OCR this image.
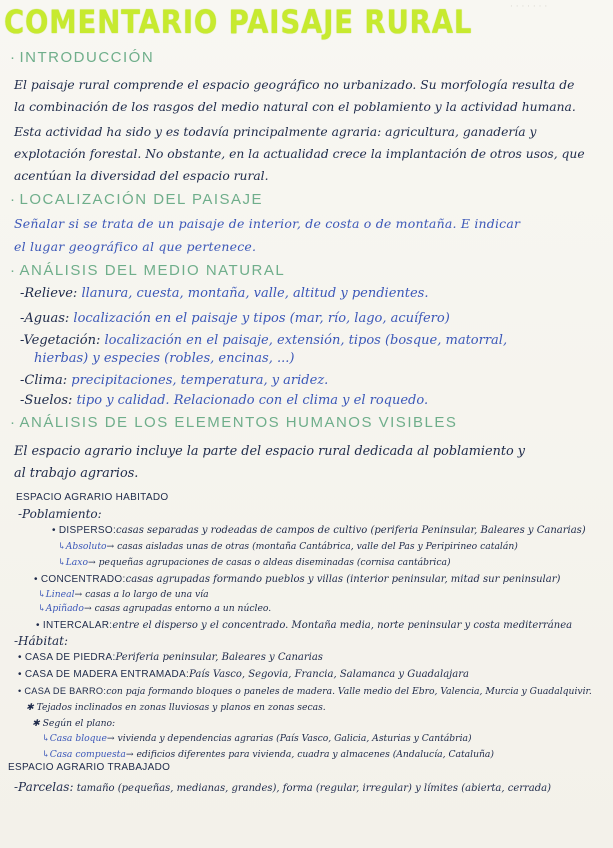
· · · · · · ·
COMENTARIO PAISAJE RURAL
· INTRODUCCIÓN
El paisaje rural comprende el espacio geográfico no urbanizado. Su morfología resulta de
la combinación de los rasgos del medio natural con el poblamiento y la actividad humana.
Esta actividad ha sido y es todavía principalmente agraria: agricultura, ganadería y
explotación forestal. No obstante, en la actualidad crece la implantación de otros usos, que
acentúan la diversidad del espacio rural.
· LOCALIZACIÓN DEL PAISAJE
Señalar si se trata de un paisaje de interior, de costa o de montaña. E indicar
el lugar geográfico al que pertenece.
· ANÁLISIS DEL MEDIO NATURAL
-Relieve: llanura, cuesta, montaña, valle, altitud y pendientes.
-Aguas: localización en el paisaje y tipos (mar, río, lago, acuífero)
-Vegetación: localización en el paisaje, extensión, tipos (bosque, matorral,
hierbas) y especies (robles, encinas, ...)
-Clima: precipitaciones, temperatura, y aridez.
-Suelos: tipo y calidad. Relacionado con el clima y el roquedo.
· ANÁLISIS DE LOS ELEMENTOS HUMANOS VISIBLES
El espacio agrario incluye la parte del espacio rural dedicada al poblamiento y
al trabajo agrarios.
ESPACIO AGRARIO HABITADO
-Poblamiento:
• DISPERSO:casas separadas y rodeadas de campos de cultivo (periferia Peninsular, Baleares y Canarias)
↳Absoluto→ casas aisladas unas de otras (montaña Cantábrica, valle del Pas y Peripirineo catalán)
↳Laxo→ pequeñas agrupaciones de casas o aldeas diseminadas (cornisa cantábrica)
• CONCENTRADO:casas agrupadas formando pueblos y villas (interior peninsular, mitad sur peninsular)
↳Lineal→ casas a lo largo de una vía
↳Apiñado→ casas agrupadas entorno a un núcleo.
• INTERCALAR:entre el disperso y el concentrado. Montaña media, norte peninsular y costa mediterránea
-Hábitat:
• CASA DE PIEDRA:Periferia peninsular, Baleares y Canarias
• CASA DE MADERA ENTRAMADA:País Vasco, Segovia, Francia, Salamanca y Guadalajara
• CASA DE BARRO:con paja formando bloques o paneles de madera. Valle medio del Ebro, Valencia, Murcia y Guadalquivir.
✱ Tejados inclinados en zonas lluviosas y planos en zonas secas.
✱ Según el plano:
↳Casa bloque→ vivienda y dependencias agrarias (País Vasco, Galicia, Asturias y Cantábria)
↳Casa compuesta→ edificios diferentes para vivienda, cuadra y almacenes (Andalucía, Cataluña)
ESPACIO AGRARIO TRABAJADO
-Parcelas: tamaño (pequeñas, medianas, grandes), forma (regular, irregular) y límites (abierta, cerrada)
